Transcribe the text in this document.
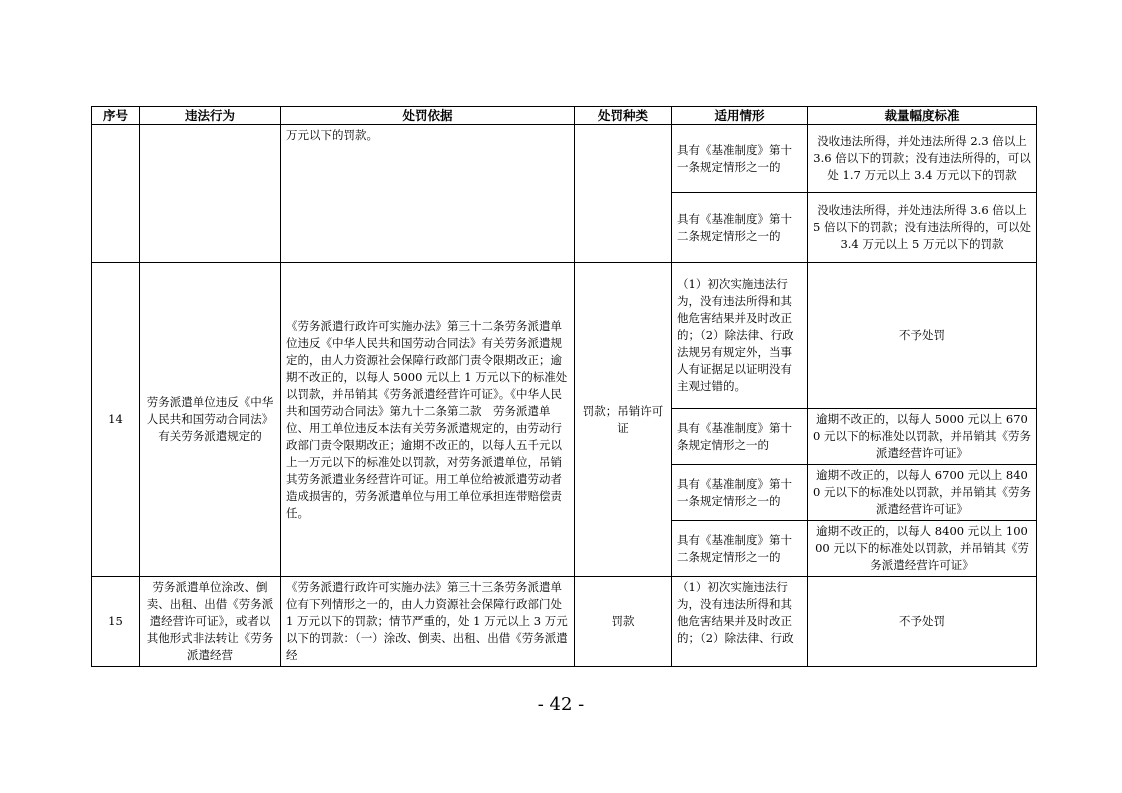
序号	违法行为	处罚依据	处罚种类	适用情形	裁量幅度标准
		万元以下的罚款。		具有《基准制度》第十一条规定情形之一的	没收违法所得，并处违法所得 2.3 倍以上 3.6 倍以下的罚款；没有违法所得的，可以处 1.7 万元以上 3.4 万元以下的罚款
				具有《基准制度》第十二条规定情形之一的	没收违法所得，并处违法所得 3.6 倍以上 5 倍以下的罚款；没有违法所得的，可以处 3.4 万元以上 5 万元以下的罚款
14	劳务派遣单位违反《中华人民共和国劳动合同法》有关劳务派遣规定的	《劳务派遣行政许可实施办法》第三十二条劳务派遣单位违反《中华人民共和国劳动合同法》有关劳务派遣规定的，由人力资源社会保障行政部门责令限期改正；逾期不改正的，以每人 5000 元以上 1 万元以下的标准处以罚款，并吊销其《劳务派遣经营许可证》。《中华人民共和国劳动合同法》第九十二条第二款　劳务派遣单位、用工单位违反本法有关劳务派遣规定的，由劳动行政部门责令限期改正；逾期不改正的，以每人五千元以上一万元以下的标准处以罚款，对劳务派遣单位，吊销其劳务派遣业务经营许可证。用工单位给被派遣劳动者造成损害的，劳务派遣单位与用工单位承担连带赔偿责任。	罚款；吊销许可证	（1）初次实施违法行为，没有违法所得和其他危害结果并及时改正的；（2）除法律、行政法规另有规定外，当事人有证据足以证明没有主观过错的。	不予处罚
				具有《基准制度》第十条规定情形之一的	逾期不改正的，以每人 5000 元以上 6700 元以下的标准处以罚款，并吊销其《劳务派遣经营许可证》
				具有《基准制度》第十一条规定情形之一的	逾期不改正的，以每人 6700 元以上 8400 元以下的标准处以罚款，并吊销其《劳务派遣经营许可证》
				具有《基准制度》第十二条规定情形之一的	逾期不改正的，以每人 8400 元以上 10000 元以下的标准处以罚款，并吊销其《劳务派遣经营许可证》
15	劳务派遣单位涂改、倒卖、出租、出借《劳务派遣经营许可证》，或者以其他形式非法转让《劳务派遣经营	《劳务派遣行政许可实施办法》第三十三条劳务派遣单位有下列情形之一的，由人力资源社会保障行政部门处 1 万元以下的罚款；情节严重的，处 1 万元以上 3 万元以下的罚款：（一）涂改、倒卖、出租、出借《劳务派遣经	罚款	（1）初次实施违法行为，没有违法所得和其他危害结果并及时改正的；（2）除法律、行政	不予处罚
- 42 -
